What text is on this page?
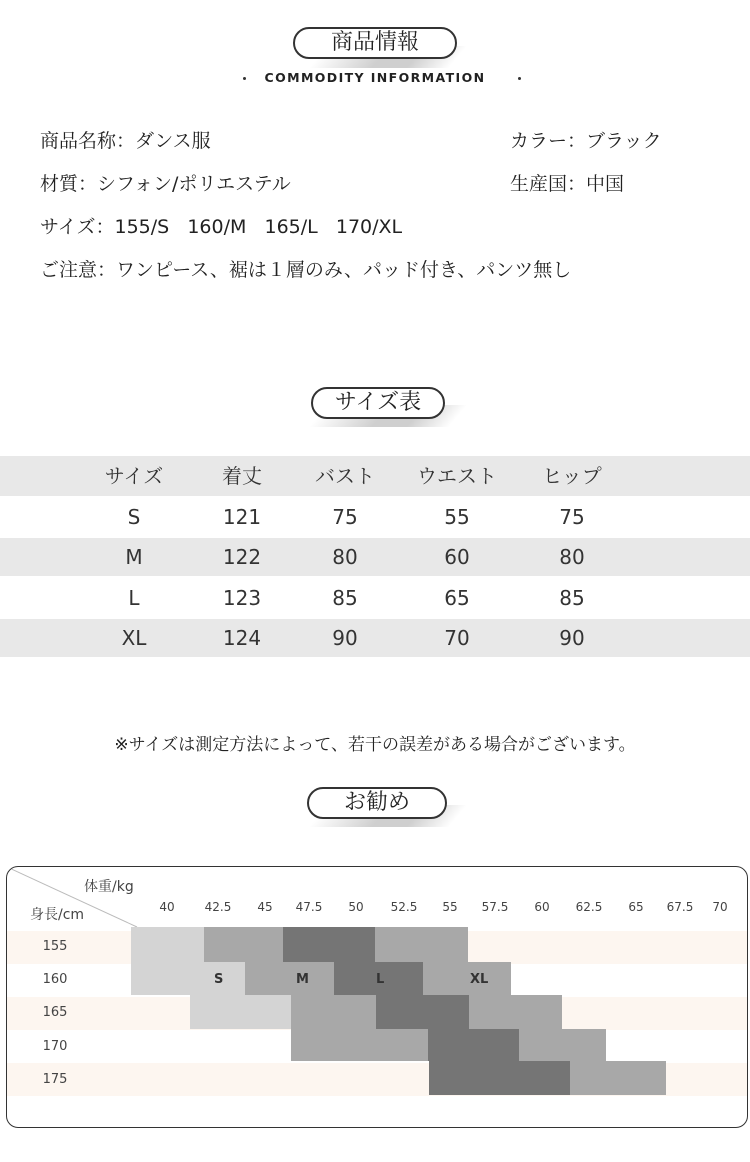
商品情報
COMMODITY INFORMATION
商品名称：ダンス服	カラー：ブラック
材質：シフォン/ポリエステル	生産国：中国
サイズ：155/S   160/M   165/L   170/XL
ご注意：ワンピース、裾は１層のみ、パッド付き、パンツ無し
サイズ表
サイズ	着丈	バスト	ウエスト	ヒップ
S	121	75	55	75
M	122	80	60	80
L	123	85	65	85
XL	124	90	70	90
※サイズは測定方法によって、若干の誤差がある場合がございます。
お勧め
体重/kg
身長/cm	40	42.5	45	47.5	50	52.5	55	57.5	60	62.5	65	67.5	70
155
160
165
170
175
S	M	L	XL
